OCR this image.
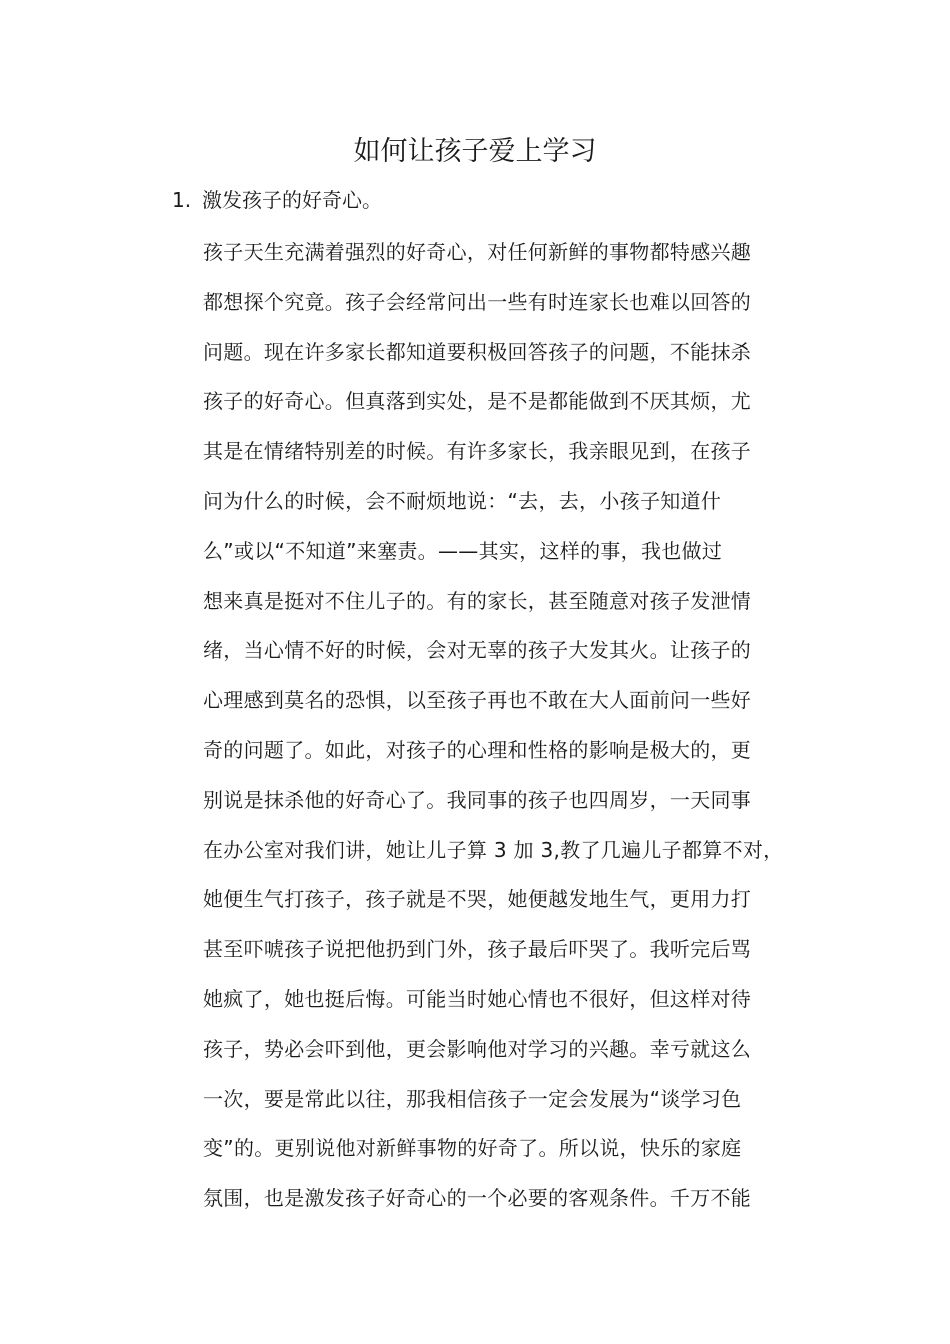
如何让孩子爱上学习
1. 激发孩子的好奇心。
孩子天生充满着强烈的好奇心，对任何新鲜的事物都特感兴趣
都想探个究竟。孩子会经常问出一些有时连家长也难以回答的
问题。现在许多家长都知道要积极回答孩子的问题，不能抹杀
孩子的好奇心。但真落到实处，是不是都能做到不厌其烦，尤
其是在情绪特别差的时候。有许多家长，我亲眼见到，在孩子
问为什么的时候，会不耐烦地说：“去，去，小孩子知道什
么”或以“不知道”来塞责。——其实，这样的事，我也做过
想来真是挺对不住儿子的。有的家长，甚至随意对孩子发泄情
绪，当心情不好的时候，会对无辜的孩子大发其火。让孩子的
心理感到莫名的恐惧，以至孩子再也不敢在大人面前问一些好
奇的问题了。如此，对孩子的心理和性格的影响是极大的，更
别说是抹杀他的好奇心了。我同事的孩子也四周岁，一天同事
在办公室对我们讲，她让儿子算 3 加 3,教了几遍儿子都算不对，
她便生气打孩子，孩子就是不哭，她便越发地生气，更用力打
甚至吓唬孩子说把他扔到门外，孩子最后吓哭了。我听完后骂
她疯了，她也挺后悔。可能当时她心情也不很好，但这样对待
孩子，势必会吓到他，更会影响他对学习的兴趣。幸亏就这么
一次，要是常此以往，那我相信孩子一定会发展为“谈学习色
变”的。更别说他对新鲜事物的好奇了。所以说，快乐的家庭
氛围，也是激发孩子好奇心的一个必要的客观条件。千万不能
